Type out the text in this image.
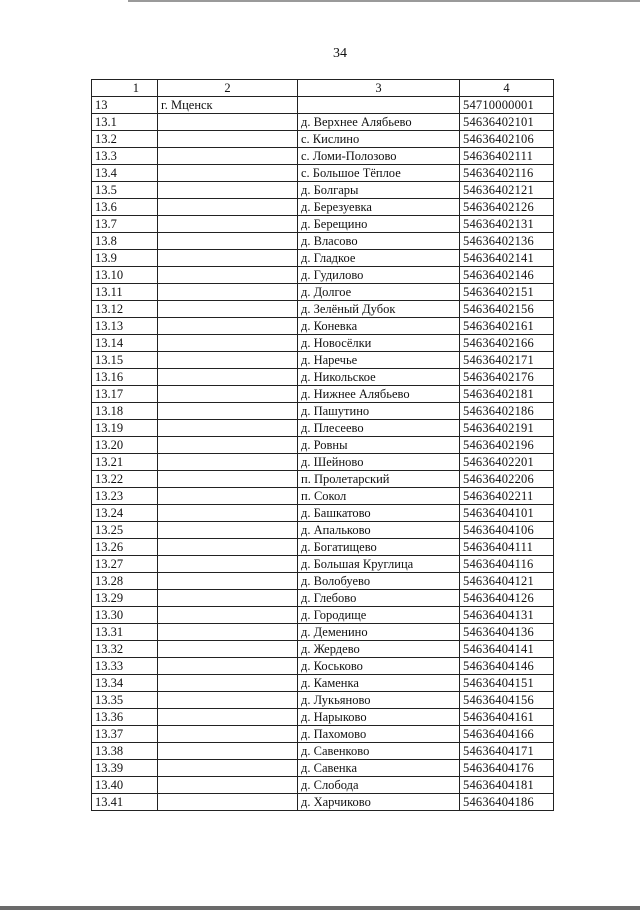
34
1	2	3	4
13	г. Мценск		54710000001
13.1		д. Верхнее Алябьево	54636402101
13.2		с. Кислино	54636402106
13.3		с. Ломи-Полозово	54636402111
13.4		с. Большое Тёплое	54636402116
13.5		д. Болгары	54636402121
13.6		д. Березуевка	54636402126
13.7		д. Берещино	54636402131
13.8		д. Власово	54636402136
13.9		д. Гладкое	54636402141
13.10		д. Гудилово	54636402146
13.11		д. Долгое	54636402151
13.12		д. Зелёный Дубок	54636402156
13.13		д. Коневка	54636402161
13.14		д. Новосёлки	54636402166
13.15		д. Наречье	54636402171
13.16		д. Никольское	54636402176
13.17		д. Нижнее Алябьево	54636402181
13.18		д. Пашутино	54636402186
13.19		д. Плесеево	54636402191
13.20		д. Ровны	54636402196
13.21		д. Шейново	54636402201
13.22		п. Пролетарский	54636402206
13.23		п. Сокол	54636402211
13.24		д. Башкатово	54636404101
13.25		д. Апальково	54636404106
13.26		д. Богатищево	54636404111
13.27		д. Большая Круглица	54636404116
13.28		д. Волобуево	54636404121
13.29		д. Глебово	54636404126
13.30		д. Городище	54636404131
13.31		д. Деменино	54636404136
13.32		д. Жердево	54636404141
13.33		д. Коськово	54636404146
13.34		д. Каменка	54636404151
13.35		д. Лукьяново	54636404156
13.36		д. Нарыково	54636404161
13.37		д. Пахомово	54636404166
13.38		д. Савенково	54636404171
13.39		д. Савенка	54636404176
13.40		д. Слобода	54636404181
13.41		д. Харчиково	54636404186
